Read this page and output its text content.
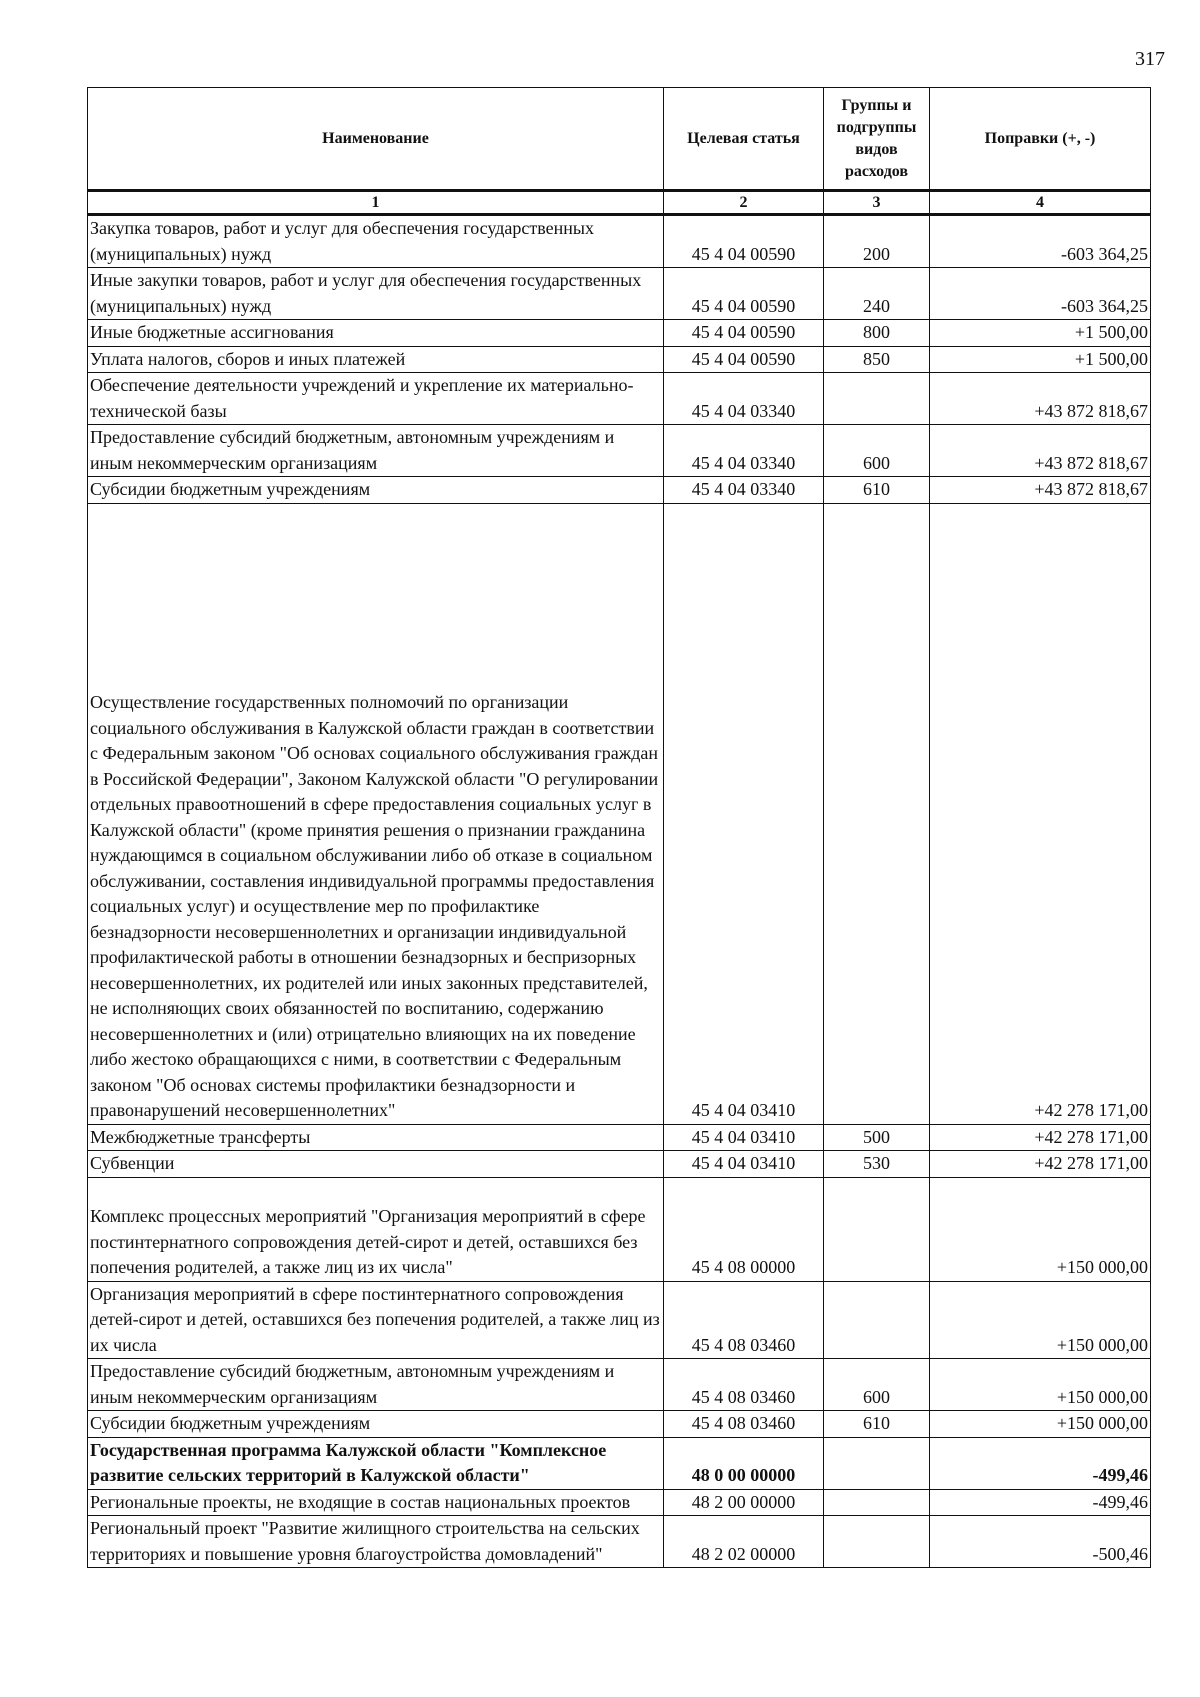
317
Наименование	Целевая статья	Группы и подгруппы видов расходов	Поправки (+, -)
1	2	3	4
Закупка товаров, работ и услуг для обеспечения государственных (муниципальных) нужд	45 4 04 00590	200	-603 364,25
Иные закупки товаров, работ и услуг для обеспечения государственных (муниципальных) нужд	45 4 04 00590	240	-603 364,25
Иные бюджетные ассигнования	45 4 04 00590	800	+1 500,00
Уплата налогов, сборов и иных платежей	45 4 04 00590	850	+1 500,00
Обеспечение деятельности учреждений и укрепление их материально-технической базы	45 4 04 03340		+43 872 818,67
Предоставление субсидий бюджетным, автономным учреждениям и иным некоммерческим организациям	45 4 04 03340	600	+43 872 818,67
Субсидии бюджетным учреждениям	45 4 04 03340	610	+43 872 818,67
Осуществление государственных полномочий по организации социального обслуживания в Калужской области граждан в соответствии с Федеральным законом "Об основах социального обслуживания граждан в Российской Федерации", Законом Калужской области "О регулировании отдельных правоотношений в сфере предоставления социальных услуг в Калужской области" (кроме принятия решения о признании гражданина нуждающимся в социальном обслуживании либо об отказе в социальном обслуживании, составления индивидуальной программы предоставления социальных услуг) и осуществление мер по профилактике безнадзорности несовершеннолетних и организации индивидуальной профилактической работы в отношении безнадзорных и беспризорных несовершеннолетних, их родителей или иных законных представителей, не исполняющих своих обязанностей по воспитанию, содержанию несовершеннолетних и (или) отрицательно влияющих на их поведение либо жестоко обращающихся с ними, в соответствии с Федеральным законом "Об основах системы профилактики безнадзорности и правонарушений несовершеннолетних"	45 4 04 03410		+42 278 171,00
Межбюджетные трансферты	45 4 04 03410	500	+42 278 171,00
Субвенции	45 4 04 03410	530	+42 278 171,00
Комплекс процессных мероприятий "Организация мероприятий в сфере постинтернатного сопровождения детей-сирот и детей, оставшихся без попечения родителей, а также лиц из их числа"	45 4 08 00000		+150 000,00
Организация мероприятий в сфере постинтернатного сопровождения детей-сирот и детей, оставшихся без попечения родителей, а также лиц из их числа	45 4 08 03460		+150 000,00
Предоставление субсидий бюджетным, автономным учреждениям и иным некоммерческим организациям	45 4 08 03460	600	+150 000,00
Субсидии бюджетным учреждениям	45 4 08 03460	610	+150 000,00
Государственная программа Калужской области "Комплексное развитие сельских территорий в Калужской области"	48 0 00 00000		-499,46
Региональные проекты, не входящие в состав национальных проектов	48 2 00 00000		-499,46
Региональный проект "Развитие жилищного строительства на сельских территориях и повышение уровня благоустройства домовладений"	48 2 02 00000		-500,46
